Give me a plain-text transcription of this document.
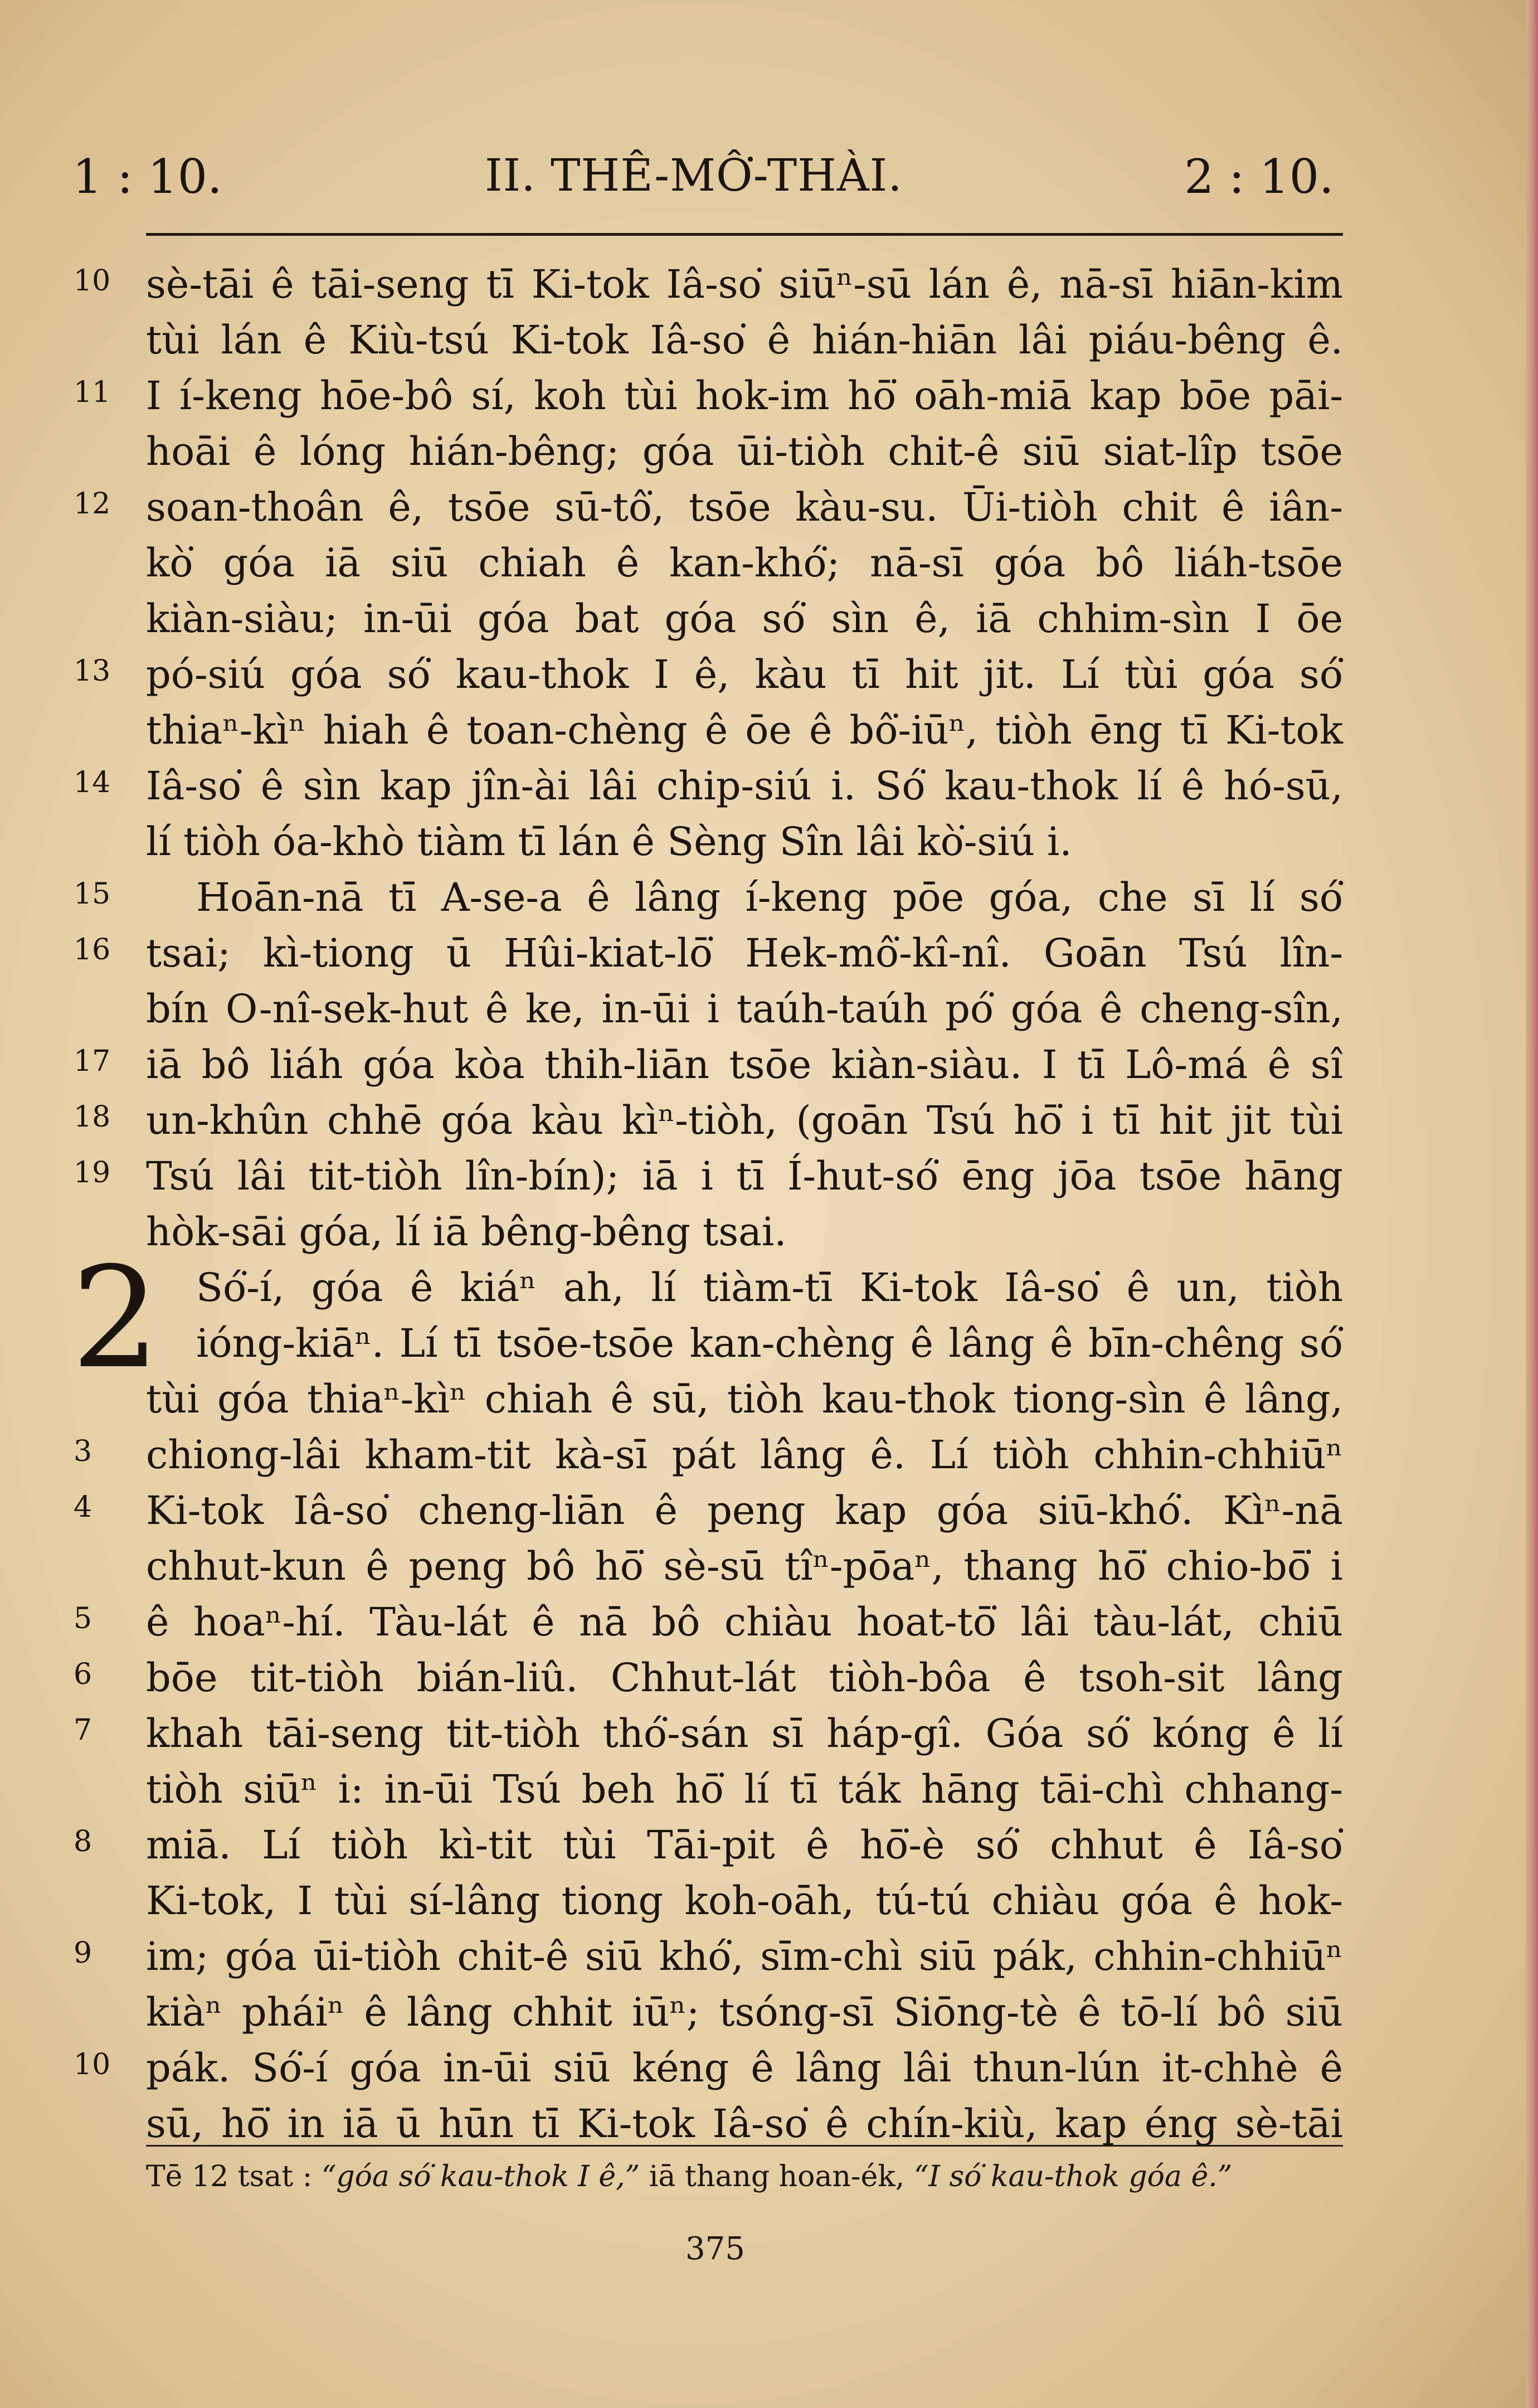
1 : 10.	II. THÊ-MÔ͘-THÀI.	2 : 10.
2
10 sè-tāi ê tāi-seng tī Ki-tok Iâ-so͘ siūⁿ-sū lán ê, nā-sī hiān-kim
tùi lán ê Kiù-tsú Ki-tok Iâ-so͘ ê hián-hiān lâi piáu-bêng ê.
11 I í-keng hōe-bô sí, koh tùi hok-im hō͘ oāh-miā kap bōe pāi-
hoāi ê lóng hián-bêng; góa ūi-tiòh chit-ê siū siat-lîp tsōe
12 soan-thoân ê, tsōe sū-tô͘, tsōe kàu-su. Ūi-tiòh chit ê iân-
kò͘ góa iā siū chiah ê kan-khó͘; nā-sī góa bô liáh-tsōe
kiàn-siàu; in-ūi góa bat góa só͘ sìn ê, iā chhim-sìn I ōe
13 pó-siú góa só͘ kau-thok I ê, kàu tī hit jit. Lí tùi góa só͘
thiaⁿ-kìⁿ hiah ê toan-chèng ê ōe ê bô͘-iūⁿ, tiòh ēng tī Ki-tok
14 Iâ-so͘ ê sìn kap jîn-ài lâi chip-siú i. Só͘ kau-thok lí ê hó-sū,
lí tiòh óa-khò tiàm tī lán ê Sèng Sîn lâi kò͘-siú i.
15 Hoān-nā tī A-se-a ê lâng í-keng pōe góa, che sī lí só͘
16 tsai; kì-tiong ū Hûi-kiat-lō͘ Hek-mô͘-kî-nî. Goān Tsú lîn-
bín O-nî-sek-hut ê ke, in-ūi i taúh-taúh pó͘ góa ê cheng-sîn,
17 iā bô liáh góa kòa thih-liān tsōe kiàn-siàu. I tī Lô-má ê sî
18 un-khûn chhē góa kàu kìⁿ-tiòh, (goān Tsú hō͘ i tī hit jit tùi
19 Tsú lâi tit-tiòh lîn-bín); iā i tī Í-hut-só͘ ēng jōa tsōe hāng
hòk-sāi góa, lí iā bêng-bêng tsai.
Só͘-í, góa ê kiáⁿ ah, lí tiàm-tī Ki-tok Iâ-so͘ ê un, tiòh
ióng-kiāⁿ. Lí tī tsōe-tsōe kan-chèng ê lâng ê bīn-chêng só͘
tùi góa thiaⁿ-kìⁿ chiah ê sū, tiòh kau-thok tiong-sìn ê lâng,
3 chiong-lâi kham-tit kà-sī pát lâng ê. Lí tiòh chhin-chhiūⁿ
4 Ki-tok Iâ-so͘ cheng-liān ê peng kap góa siū-khó͘. Kìⁿ-nā
chhut-kun ê peng bô hō͘ sè-sū tîⁿ-pōaⁿ, thang hō͘ chio-bō͘ i
5 ê hoaⁿ-hí. Tàu-lát ê nā bô chiàu hoat-tō͘ lâi tàu-lát, chiū
6 bōe tit-tiòh bián-liû. Chhut-lát tiòh-bôa ê tsoh-sit lâng
7 khah tāi-seng tit-tiòh thó͘-sán sī háp-gî. Góa só͘ kóng ê lí
tiòh siūⁿ i: in-ūi Tsú beh hō͘ lí tī ták hāng tāi-chì chhang-
8 miā. Lí tiòh kì-tit tùi Tāi-pit ê hō͘-è só͘ chhut ê Iâ-so͘
Ki-tok, I tùi sí-lâng tiong koh-oāh, tú-tú chiàu góa ê hok-
9 im; góa ūi-tiòh chit-ê siū khó͘, sīm-chì siū pák, chhin-chhiūⁿ
kiàⁿ pháiⁿ ê lâng chhit iūⁿ; tsóng-sī Siōng-tè ê tō-lí bô siū
10 pák. Só͘-í góa in-ūi siū kéng ê lâng lâi thun-lún it-chhè ê
sū, hō͘ in iā ū hūn tī Ki-tok Iâ-so͘ ê chín-kiù, kap éng sè-tāi
Tē 12 tsat : “góa só͘ kau-thok I ê,” iā thang hoan-ék, “I só͘ kau-thok góa ê.”
375
